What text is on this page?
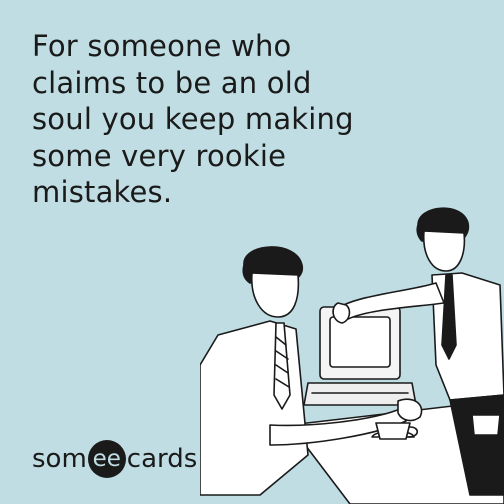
For someone who
claims to be an old
soul you keep making
some very rookie
mistakes.
som ee cards
